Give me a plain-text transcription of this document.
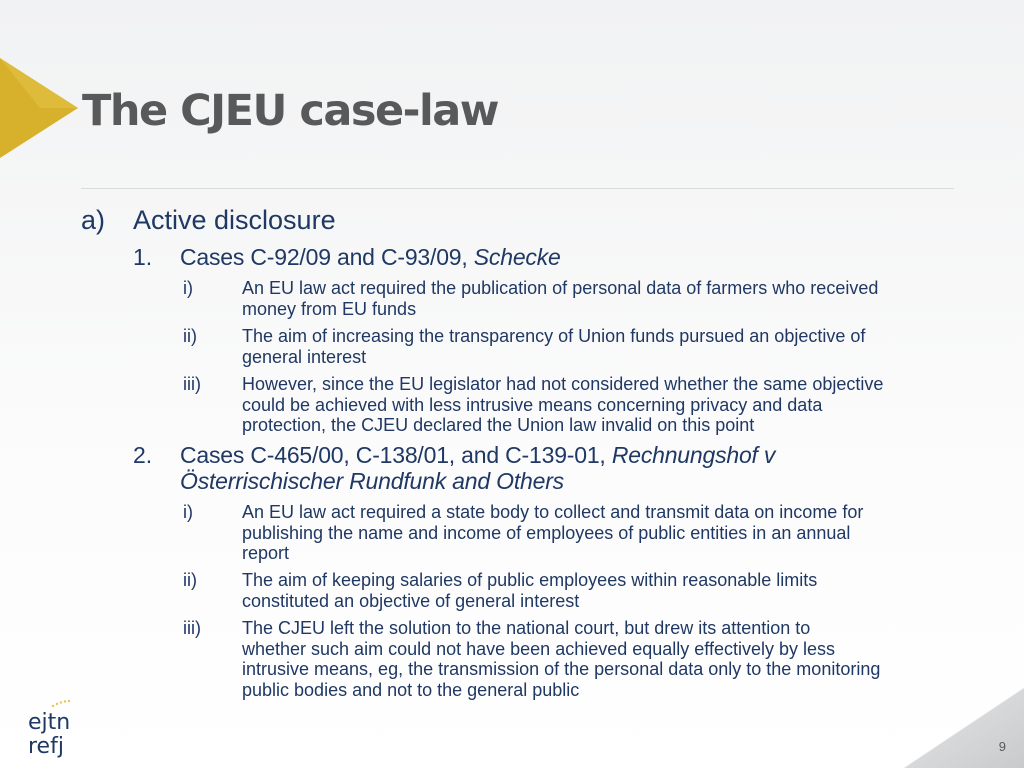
The CJEU case-law
a) Active disclosure
1. Cases C-92/09 and C-93/09, Schecke
i)	An EU law act required the publication of personal data of farmers who received
money from EU funds
ii)	The aim of increasing the transparency of Union funds pursued an objective of
general interest
iii) However, since the EU legislator had not considered whether the same objective
could be achieved with less intrusive means concerning privacy and data
protection, the CJEU declared the Union law invalid on this point
2. Cases C-465/00, C-138/01, and C-139-01, Rechnungshof v
Österrischischer Rundfunk and Others
i)	An EU law act required a state body to collect and transmit data on income for
publishing the name and income of employees of public entities in an annual
report
ii)	The aim of keeping salaries of public employees within reasonable limits
constituted an objective of general interest
iii) The CJEU left the solution to the national court, but drew its attention to
whether such aim could not have been achieved equally effectively by less
intrusive means, eg, the transmission of the personal data only to the monitoring
public bodies and not to the general public
ejtn
refj	9
